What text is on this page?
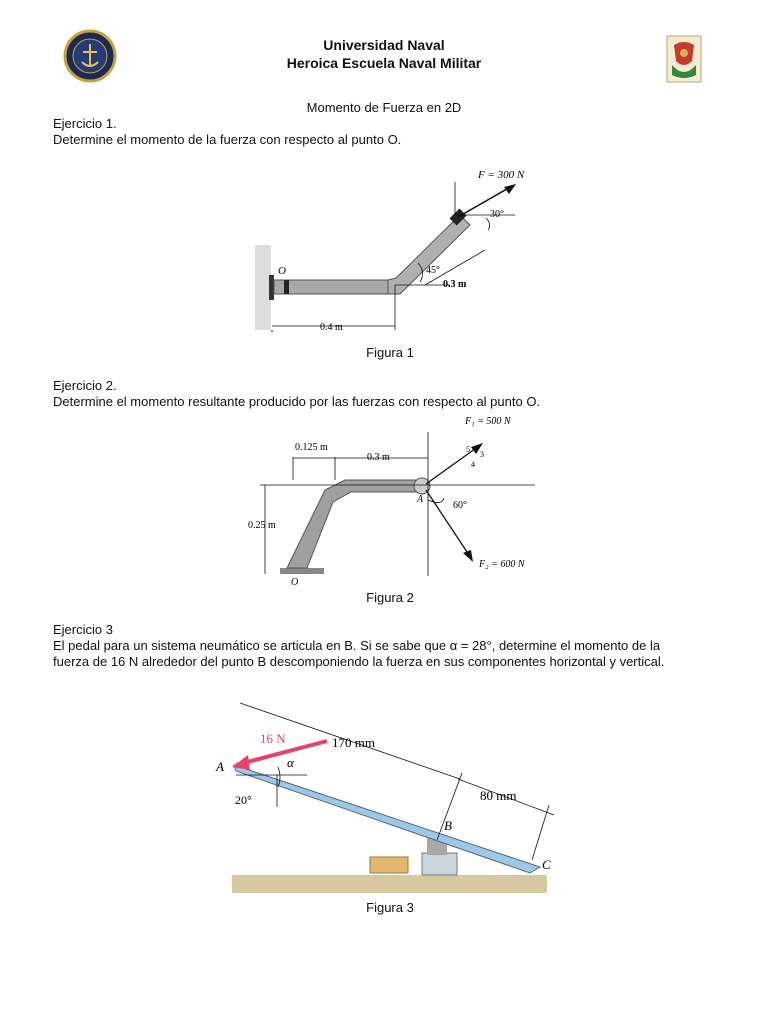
Universidad Naval
Heroica Escuela Naval Militar
Momento de Fuerza en 2D
Ejercicio 1.
Determine el momento de la fuerza con respecto al punto O.
F = 300 N
30°
45°
0.3 m
0.4 m
O
Figura 1
Ejercicio 2.
Determine el momento resultante producido por las fuerzas con respecto al punto O.
F₁ = 500 N
F₂ = 600 N
0.125 m
0.3 m
0.25 m
60°
5
4
3
A
O
Figura 2
Ejercicio 3
El pedal para un sistema neumático se articula en B. Si se sabe que α = 28°, determine el momento de la
fuerza de 16 N alrededor del punto B descomponiendo la fuerza en sus componentes horizontal y vertical.
16 N	170 mm
80 mm
α
20°
A
B
C
Figura 3
